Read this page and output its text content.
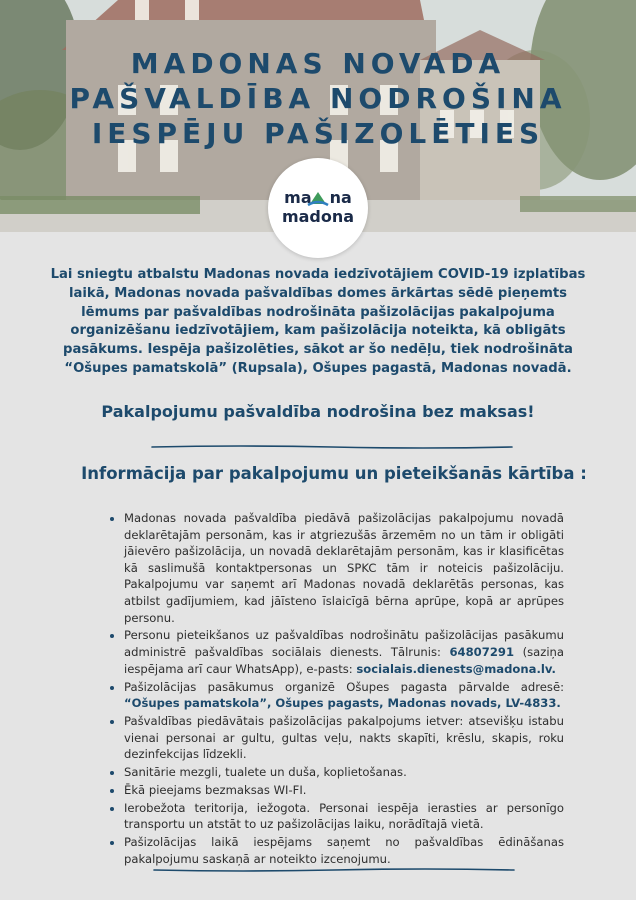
MADONAS NOVADA
PAŠVALDĪBA NODROŠINA
IESPĒJU PAŠIZOLĒTIES
ma na
madona

Lai sniegtu atbalstu Madonas novada iedzīvotājiem COVID-19 izplatības laikā, Madonas novada pašvaldības domes ārkārtas sēdē pieņemts lēmums par pašvaldības nodrošināta pašizolācijas pakalpojuma organizēšanu iedzīvotājiem, kam pašizolācija noteikta, kā obligāts pasākums. Iespēja pašizolēties, sākot ar šo nedēļu, tiek nodrošināta “Ošupes pamatskolā” (Rupsala), Ošupes pagastā, Madonas novadā.

Pakalpojumu pašvaldība nodrošina bez maksas!

Informācija par pakalpojumu un pieteikšanās kārtība :
• Madonas novada pašvaldība piedāvā pašizolācijas pakalpojumu novadā deklarētajām personām, kas ir atgriezušās ārzemēm no un tām ir obligāti jāievēro pašizolācija, un novadā deklarētajām personām, kas ir klasificētas kā saslimušā kontaktpersonas un SPKC tām ir noteicis pašizolāciju. Pakalpojumu var saņemt arī Madonas novadā deklarētās personas, kas atbilst gadījumiem, kad jāīsteno īslaicīgā bērna aprūpe, kopā ar aprūpes personu.
• Personu pieteikšanos uz pašvaldības nodrošinātu pašizolācijas pasākumu administrē pašvaldības sociālais dienests. Tālrunis: 64807291 (saziņa iespējama arī caur WhatsApp), e-pasts: socialais.dienests@madona.lv.
• Pašizolācijas pasākumus organizē Ošupes pagasta pārvalde adresē: “Ošupes pamatskola”, Ošupes pagasts, Madonas novads, LV-4833.
• Pašvaldības piedāvātais pašizolācijas pakalpojums ietver: atsevišķu istabu vienai personai ar gultu, gultas veļu, nakts skapīti, krēslu, skapis, roku dezinfekcijas līdzekli.
• Sanitārie mezgli, tualete un duša, koplietošanas.
• Ēkā pieejams bezmaksas WI-FI.
• Ierobežota teritorija, iežogota. Personai iespēja ierasties ar personīgo transportu un atstāt to uz pašizolācijas laiku, norādītajā vietā.
• Pašizolācijas laikā iespējams saņemt no pašvaldības ēdināšanas pakalpojumu saskaņā ar noteikto izcenojumu.
